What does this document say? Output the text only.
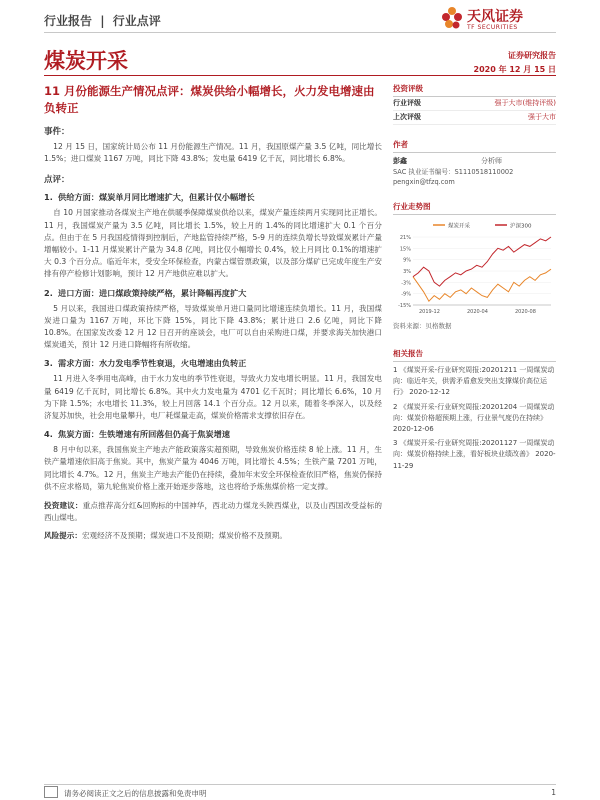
行业报告 | 行业点评	天风证券
TF SECURITIES
煤炭开采	证券研究报告
2020 年 12 月 15 日
11 月份能源生产情况点评：煤炭供给小幅增长，火力发电增速由负转正
事件：
12 月 15 日，国家统计局公布 11 月份能源生产情况。11 月，我国原煤产量 3.5 亿吨，同比增长 1.5%；进口煤炭 1167 万吨，同比下降 43.8%；发电量 6419 亿千瓦，同比增长 6.8%。
点评：
1. 供给方面：煤炭单月同比增速扩大，但累计仅小幅增长
自 10 月国家推动各煤炭主产地在供暖季保障煤炭供给以来，煤炭产量连续两月实现同比正增长。11 月，我国煤炭产量为 3.5 亿吨，同比增长 1.5%，较上月的 1.4%的同比增速扩大 0.1 个百分点。但由于在 5 月我国疫情得到控制后，产地监管持续严格，5-9 月的连续负增长导致煤炭累计产量增幅较小。1-11 月煤炭累计产量为 34.8 亿吨，同比仅小幅增长 0.4%，较上月同比 0.1%的增速扩大 0.3 个百分点。临近年末，受安全环保检查，内蒙古煤管票政策，以及部分煤矿已完成年度生产安排有停产检修计划影响，预计 12 月产地供应难以扩大。
2. 进口方面：进口煤政策持续严格，累计降幅再度扩大
5 月以来，我国进口煤政策持续严格，导致煤炭单月进口量同比增速连续负增长。11 月，我国煤炭进口量为 1167 万吨，环比下降 15%，同比下降 43.8%；累计进口 2.6 亿吨，同比下降 10.8%。在国家发改委 12 月 12 日召开的座谈会，电厂可以自由采购进口煤，并要求海关加快港口煤炭通关，预计 12 月进口降幅将有所收缩。
3. 需求方面：水力发电季节性衰退，火电增速由负转正
11 月进入冬季用电高峰，由于水力发电的季节性衰退，导致火力发电增长明显。11 月，我国发电量 6419 亿千瓦时，同比增长 6.8%。其中火力发电量为 4701 亿千瓦时；同比增长 6.6%，10 月为下降 1.5%；水电增长 11.3%，较上月回落 14.1 个百分点。12 月以来，随着冬季深入，以及经济复苏加快，社会用电量攀升，电厂耗煤量走高，煤炭价格需求支撑依旧存在。
4. 焦炭方面：生铁增速有所回落但仍高于焦炭增速
8 月中旬以来，我国焦炭主产地去产能政策落实超预期，导致焦炭价格连续 8 轮上涨。11 月，生铁产量增速依旧高于焦炭。其中，焦炭产量为 4046 万吨，同比增长 4.5%；生铁产量 7201 万吨，同比增长 4.7%。12 月，焦炭主产地去产能仍在持续，叠加年末安全环保检查依旧严格，焦炭仍保持供不应求格局，第九轮焦炭价格上涨开始逐步落地，这也将给予炼焦煤价格一定支撑。
投资建议：重点推荐高分红&回购标的中国神华，西北动力煤龙头陕西煤业，以及山西国改受益标的西山煤电。
风险提示：宏观经济不及预期；煤炭进口不及预期；煤炭价格不及预期。
投资评级
行业评级	强于大市(维持评级)
上次评级	强于大市
作者
彭鑫	分析师
SAC 执业证书编号：S1110518110002
pengxin@tfzq.com
行业走势图
煤炭开采	沪深300
21%
15%
9%
3%
-3%
-9%
-15%
2019-12	2020-04	2020-08
资料来源：贝格数据
相关报告
1 《煤炭开采-行业研究周报:20201211 一周煤炭动向：临近年关，供需矛盾愈发突出支撑煤价高位运行》 2020-12-12
2 《煤炭开采-行业研究周报:20201204 一周煤炭动向：煤炭价格超预期上涨，行业景气度仍在持续》 2020-12-06
3 《煤炭开采-行业研究周报:20201127 一周煤炭动向：煤炭价格持续上涨，看好板块业绩改善》 2020-11-29
请务必阅读正文之后的信息披露和免责申明	1
